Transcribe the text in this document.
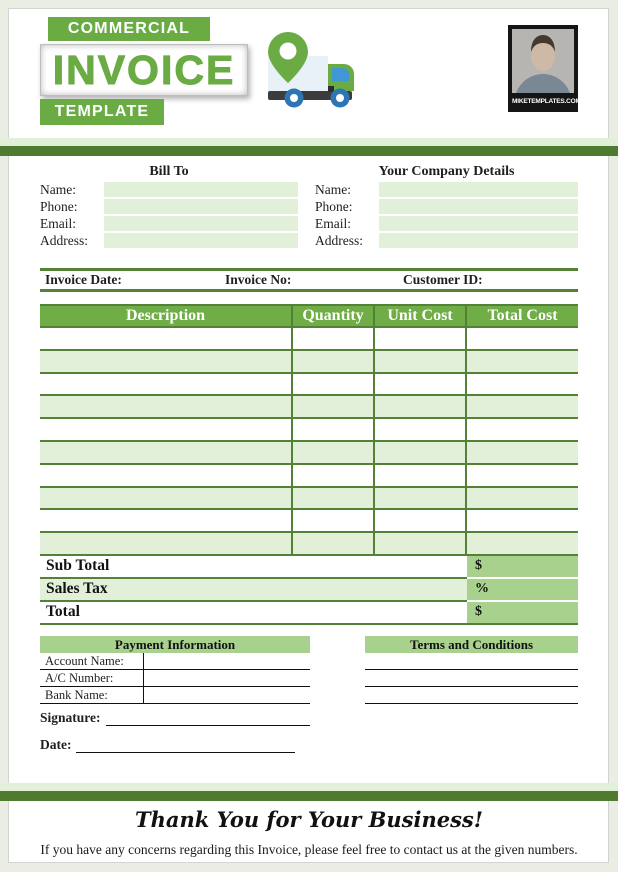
COMMERCIAL
INVOICE
TEMPLATE
MIKETEMPLATES.COM
Bill To
Name:
Phone:
Email:
Address:
Your Company Details
Name:
Phone:
Email:
Address:
Invoice Date:	Invoice No:	Customer ID:
Description	Quantity	Unit Cost	Total Cost
Sub Total	$
Sales Tax	%
Total	$
Payment Information
Account Name:
A/C Number:
Bank Name:
Terms and Conditions
Signature:
Date:
Thank You for Your Business!
If you have any concerns regarding this Invoice, please feel free to contact us at the given numbers.
